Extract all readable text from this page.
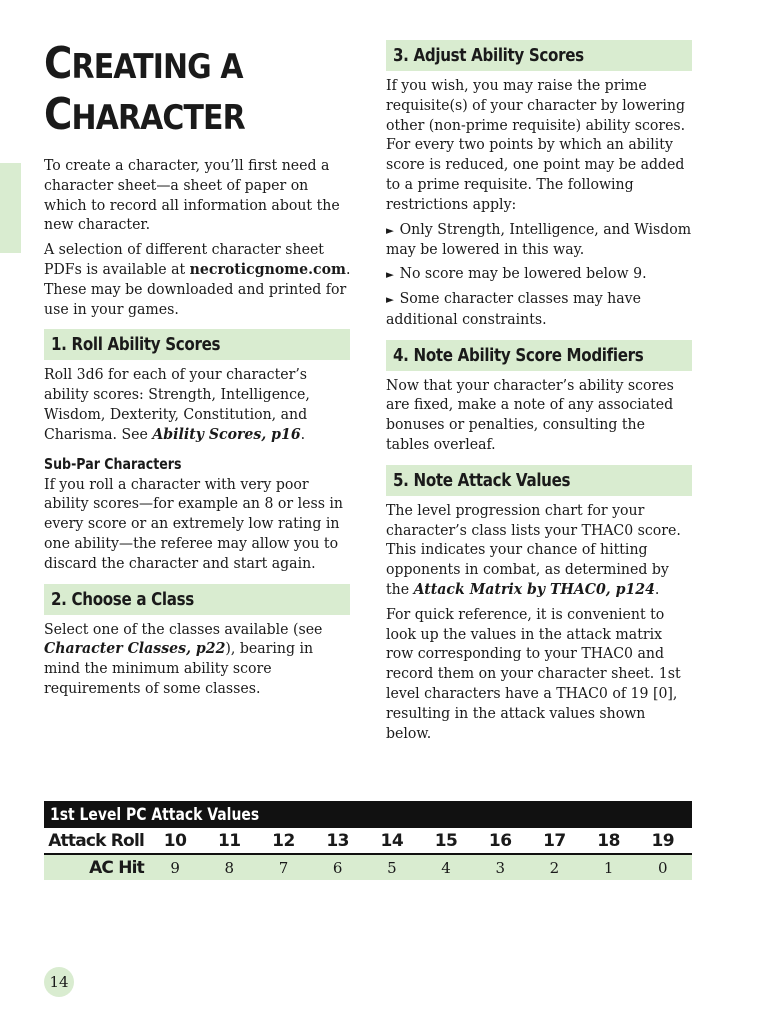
CREATING A
CHARACTER

To create a character, you’ll first need a character sheet—a sheet of paper on which to record all information about the new character.

A selection of different character sheet PDFs is available at necroticgnome.com. These may be downloaded and printed for use in your games.

1. Roll Ability Scores

Roll 3d6 for each of your character’s ability scores: Strength, Intelligence, Wisdom, Dexterity, Constitution, and Charisma. See Ability Scores, p16.

Sub-Par Characters

If you roll a character with very poor ability scores—for example an 8 or less in every score or an extremely low rating in one ability—the referee may allow you to discard the character and start again.

2. Choose a Class

Select one of the classes available (see Character Classes, p22), bearing in mind the minimum ability score requirements of some classes.

3. Adjust Ability Scores

If you wish, you may raise the prime requisite(s) of your character by lowering other (non-prime requisite) ability scores. For every two points by which an ability score is reduced, one point may be added to a prime requisite. The following restrictions apply:

► Only Strength, Intelligence, and Wisdom may be lowered in this way.

► No score may be lowered below 9.

► Some character classes may have additional constraints.

4. Note Ability Score Modifiers

Now that your character’s ability scores are fixed, make a note of any associated bonuses or penalties, consulting the tables overleaf.

5. Note Attack Values

The level progression chart for your character’s class lists your THAC0 score. This indicates your chance of hitting opponents in combat, as determined by the Attack Matrix by THAC0, p124.

For quick reference, it is convenient to look up the values in the attack matrix row corresponding to your THAC0 and record them on your character sheet. 1st level characters have a THAC0 of 19 [0], resulting in the attack values shown below.

1st Level PC Attack Values
Attack Roll	10	11	12	13	14	15	16	17	18	19
AC Hit	9	8	7	6	5	4	3	2	1	0
14
